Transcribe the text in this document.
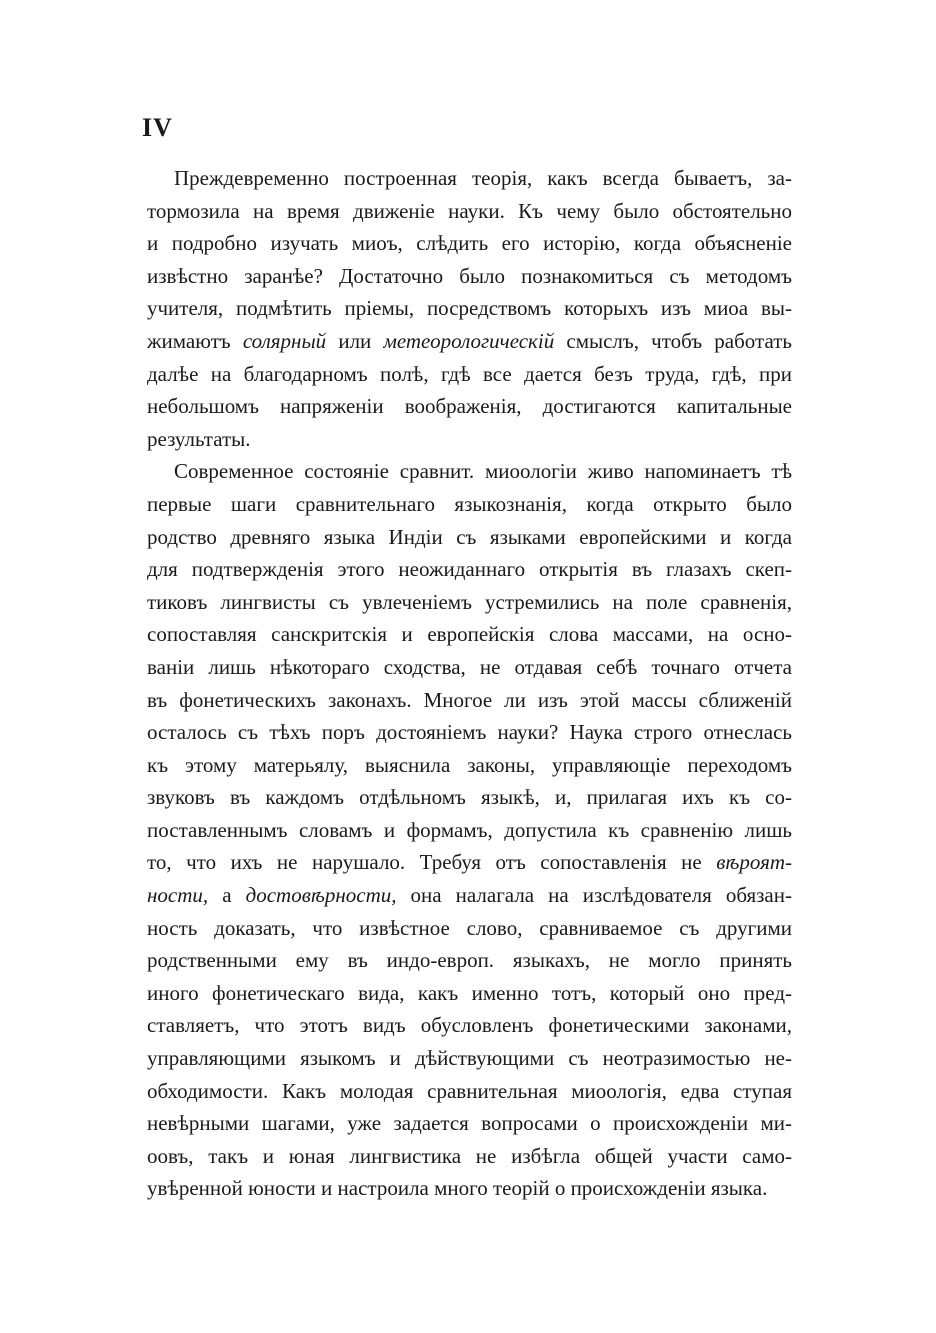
IV
Преждевременно построенная теорія, какъ всегда бываетъ, за-
тормозила на время движеніе науки. Къ чему было обстоятельно
и подробно изучать миоъ, слѣдить его исторію, когда объясненіе
извѣстно заранѣе? Достаточно было познакомиться съ методомъ
учителя, подмѣтить пріемы, посредствомъ которыхъ изъ миоа вы-
жимаютъ солярный или метеорологическій смыслъ, чтобъ работать
далѣе на благодарномъ полѣ, гдѣ все дается безъ труда, гдѣ, при
небольшомъ напряженіи воображенія, достигаются капитальные
результаты.
Современное состояніе сравнит. миоологіи живо напоминаетъ тѣ
первые шаги сравнительнаго языкознанія, когда открыто было
родство древняго языка Индіи съ языками европейскими и когда
для подтвержденія этого неожиданнаго открытія въ глазахъ скеп-
тиковъ лингвисты съ увлеченіемъ устремились на поле сравненія,
сопоставляя санскритскія и европейскія слова массами, на осно-
ваніи лишь нѣкотораго сходства, не отдавая себѣ точнаго отчета
въ фонетическихъ законахъ. Многое ли изъ этой массы сближеній
осталось съ тѣхъ поръ достояніемъ науки? Наука строго отнеслась
къ этому матерьялу, выяснила законы, управляющіе переходомъ
звуковъ въ каждомъ отдѣльномъ языкѣ, и, прилагая ихъ къ со-
поставленнымъ словамъ и формамъ, допустила къ сравненію лишь
то, что ихъ не нарушало. Требуя отъ сопоставленія не вѣроят-
ности, а достовѣрности, она налагала на изслѣдователя обязан-
ность доказать, что извѣстное слово, сравниваемое съ другими
родственными ему въ индо-европ. языкахъ, не могло принять
иного фонетическаго вида, какъ именно тотъ, который оно пред-
ставляетъ, что этотъ видъ обусловленъ фонетическими законами,
управляющими языкомъ и дѣйствующими съ неотразимостью не-
обходимости. Какъ молодая сравнительная миоологія, едва ступая
невѣрными шагами, уже задается вопросами о происхожденіи ми-
оовъ, такъ и юная лингвистика не избѣгла общей участи само-
увѣренной юности и настроила много теорій о происхожденіи языка.
